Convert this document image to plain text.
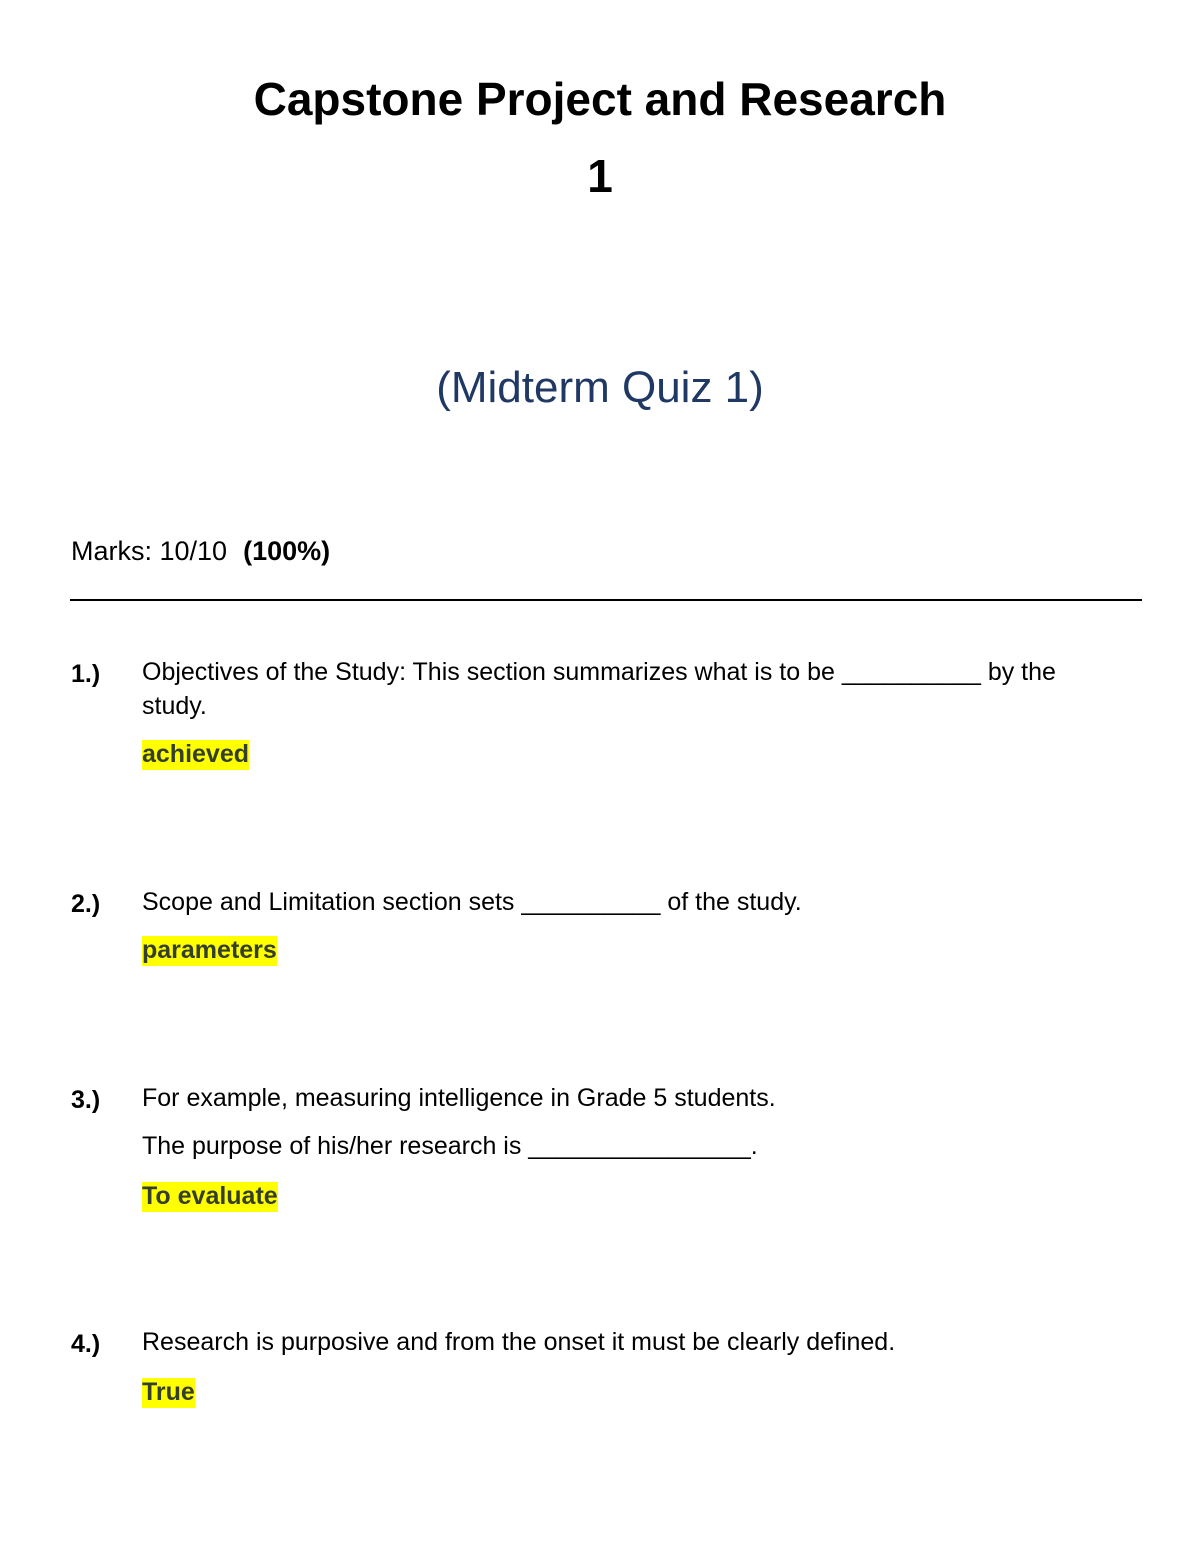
Capstone Project and Research
1
(Midterm Quiz 1)
Marks: 10/10 (100%)
1.) Objectives of the Study: This section summarizes what is to be __________ by the study.
achieved
2.) Scope and Limitation section sets __________ of the study.
parameters
3.) For example, measuring intelligence in Grade 5 students.
The purpose of his/her research is ________________.
To evaluate
4.) Research is purposive and from the onset it must be clearly defined.
True
